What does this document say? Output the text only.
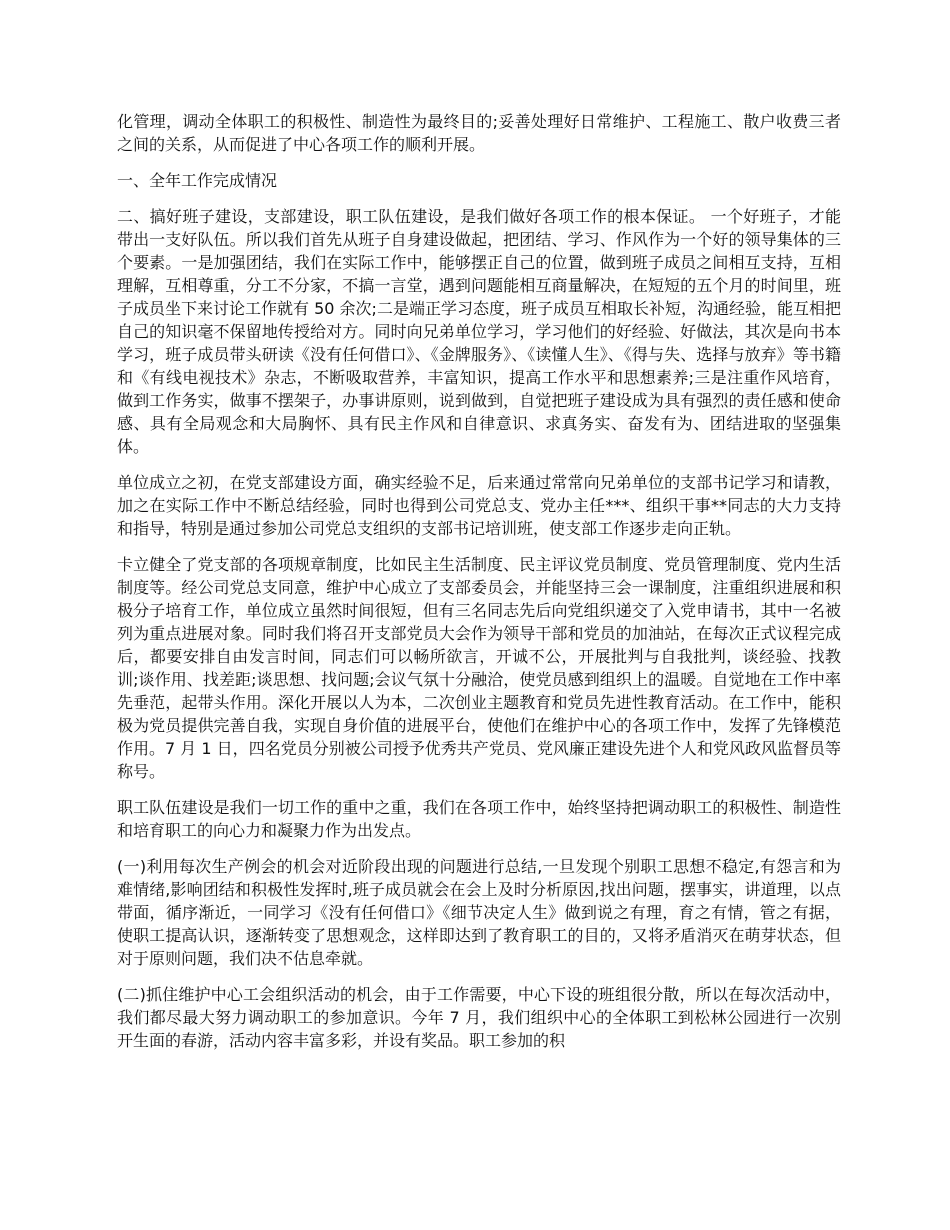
化管理，调动全体职工的积极性、制造性为最终目的;妥善处理好日常维护、工程施工、散户收费三者之间的关系，从而促进了中心各项工作的顺利开展。

一、全年工作完成情况

二、搞好班子建设，支部建设，职工队伍建设，是我们做好各项工作的根本保证。 一个好班子，才能带出一支好队伍。所以我们首先从班子自身建设做起，把团结、学习、作风作为一个好的领导集体的三个要素。一是加强团结，我们在实际工作中，能够摆正自己的位置，做到班子成员之间相互支持，互相理解，互相尊重，分工不分家，不搞一言堂，遇到问题能相互商量解决，在短短的五个月的时间里，班子成员坐下来讨论工作就有 50 余次;二是端正学习态度，班子成员互相取长补短，沟通经验，能互相把自己的知识毫不保留地传授给对方。同时向兄弟单位学习，学习他们的好经验、好做法，其次是向书本学习，班子成员带头研读《没有任何借口》、《金牌服务》、《读懂人生》、《得与失、选择与放弃》等书籍和《有线电视技术》杂志，不断吸取营养，丰富知识，提高工作水平和思想素养;三是注重作风培育，做到工作务实，做事不摆架子，办事讲原则，说到做到，自觉把班子建设成为具有强烈的责任感和使命感、具有全局观念和大局胸怀、具有民主作风和自律意识、求真务实、奋发有为、团结进取的坚强集体。

单位成立之初，在党支部建设方面，确实经验不足，后来通过常常向兄弟单位的支部书记学习和请教，加之在实际工作中不断总结经验，同时也得到公司党总支、党办主任***、组织干事**同志的大力支持和指导，特别是通过参加公司党总支组织的支部书记培训班，使支部工作逐步走向正轨。

卡立健全了党支部的各项规章制度，比如民主生活制度、民主评议党员制度、党员管理制度、党内生活制度等。经公司党总支同意，维护中心成立了支部委员会，并能坚持三会一课制度，注重组织进展和积极分子培育工作，单位成立虽然时间很短，但有三名同志先后向党组织递交了入党申请书，其中一名被列为重点进展对象。同时我们将召开支部党员大会作为领导干部和党员的加油站，在每次正式议程完成后，都要安排自由发言时间，同志们可以畅所欲言，开诚不公，开展批判与自我批判，谈经验、找教训;谈作用、找差距;谈思想、找问题;会议气氛十分融洽，使党员感到组织上的温暖。自觉地在工作中率先垂范，起带头作用。深化开展以人为本，二次创业主题教育和党员先进性教育活动。在工作中，能积极为党员提供完善自我，实现自身价值的进展平台，使他们在维护中心的各项工作中，发挥了先锋模范作用。7 月 1 日，四名党员分别被公司授予优秀共产党员、党风廉正建设先进个人和党风政风监督员等称号。

职工队伍建设是我们一切工作的重中之重，我们在各项工作中，始终坚持把调动职工的积极性、制造性和培育职工的向心力和凝聚力作为出发点。

(一)利用每次生产例会的机会对近阶段出现的问题进行总结,一旦发现个别职工思想不稳定,有怨言和为难情绪,影响团结和积极性发挥时,班子成员就会在会上及时分析原因,找出问题，摆事实，讲道理，以点带面，循序渐近，一同学习《没有任何借口》《细节决定人生》做到说之有理，育之有情，管之有据，使职工提高认识，逐渐转变了思想观念，这样即达到了教育职工的目的，又将矛盾消灭在萌芽状态，但对于原则问题，我们决不估息牵就。

(二)抓住维护中心工会组织活动的机会，由于工作需要，中心下设的班组很分散，所以在每次活动中，我们都尽最大努力调动职工的参加意识。今年 7 月，我们组织中心的全体职工到松林公园进行一次别开生面的春游，活动内容丰富多彩，并设有奖品。职工参加的积
